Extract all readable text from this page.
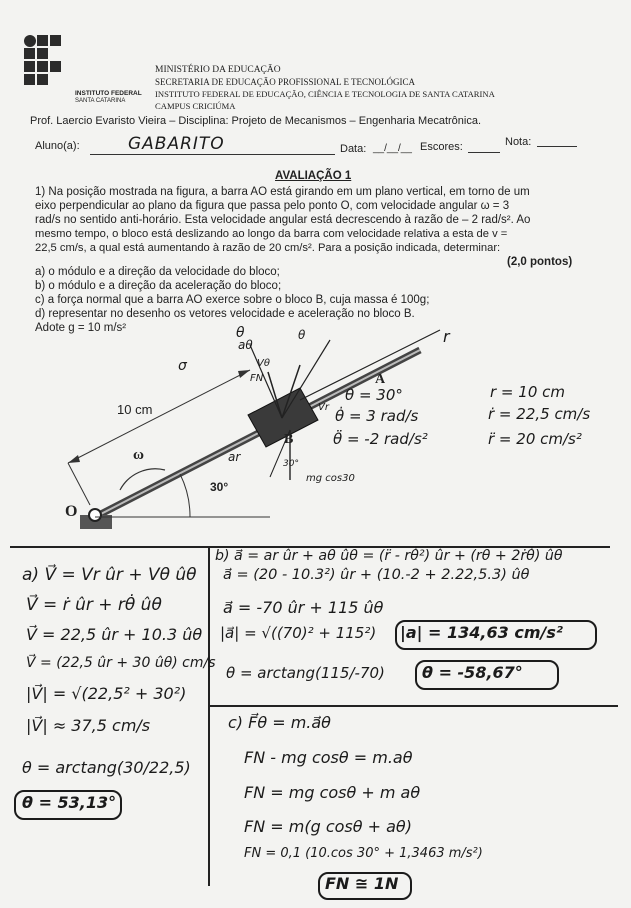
INSTITUTO FEDERAL
SANTA CATARINA
MINISTÉRIO DA EDUCAÇÃO
SECRETARIA DE EDUCAÇÃO PROFISSIONAL E TECNOLÓGICA
INSTITUTO FEDERAL DE EDUCAÇÃO, CIÊNCIA E TECNOLOGIA DE SANTA CATARINA
CAMPUS CRICIÚMA
Prof. Laercio Evaristo Vieira – Disciplina: Projeto de Mecanismos – Engenharia Mecatrônica.
Aluno(a):	GABARITO	Data: __/__/__ Escores:	Nota:
AVALIAÇÃO 1
1) Na posição mostrada na figura, a barra AO está girando em um plano vertical, em torno de um
eixo perpendicular ao plano da figura que passa pelo ponto O, com velocidade angular ω = 3
rad/s no sentido anti-horário. Esta velocidade angular está decrescendo à razão de – 2 rad/s². Ao
mesmo tempo, o bloco está deslizando ao longo da barra com velocidade relativa a esta de v =
22,5 cm/s, a qual está aumentando à razão de 20 cm/s². Para a posição indicada, determinar:
(2,0 pontos)
a) o módulo e a direção da velocidade do bloco;
b) o módulo e a direção da aceleração do bloco;
c) a força normal que a barra AO exerce sobre o bloco B, cuja massa é 100g;
d) representar no desenho os vetores velocidade e aceleração no bloco B.
Adote g = 10 m/s²
A
B
O
10 cm
30°
ω
θ
aθ	r
Vθ
Vr
FN
ar	30°
mg cos30
σ
θ
θ = 30°
θ̇ = 3 rad/s
θ̈ = -2 rad/s²
r = 10 cm
ṙ = 22,5 cm/s
r̈ = 20 cm/s²
a) V⃗ = Vr ûr + Vθ ûθ
V⃗ = ṙ ûr + rθ̇ ûθ
V⃗ = 22,5 ûr + 10.3 ûθ
V⃗ = (22,5 ûr + 30 ûθ) cm/s
|V⃗| = √(22,5² + 30²)
|V⃗| ≈ 37,5 cm/s
θ = arctang(30/22,5)
θ = 53,13°
b) a⃗ = ar ûr + aθ ûθ = (r̈ - rθ̇²) ûr + (rθ̈ + 2ṙθ̇) ûθ
a⃗ = (20 - 10.3²) ûr + (10.-2 + 2.22,5.3) ûθ
a⃗ = -70 ûr + 115 ûθ
|a⃗| = √((70)² + 115²) |a| = 134,63 cm/s²
θ = arctang(115/-70) θ = -58,67°
c) F⃗θ = m.a⃗θ
FN - mg cosθ = m.aθ
FN = mg cosθ + m aθ
FN = m(g cosθ + aθ)
FN = 0,1 (10.cos 30° + 1,3463 m/s²)
FN ≅ 1N
